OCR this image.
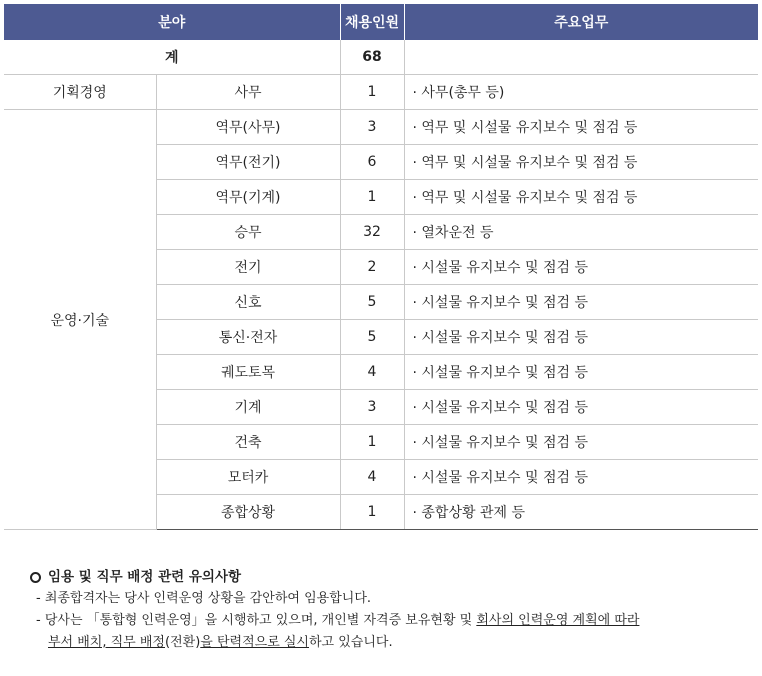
분야		채용인원	주요업무
계		68	
기획경영	사무	1	· 사무(총무 등)
운영·기술	역무(사무)	3	· 역무 및 시설물 유지보수 및 점검 등
	역무(전기)	6	· 역무 및 시설물 유지보수 및 점검 등
	역무(기계)	1	· 역무 및 시설물 유지보수 및 점검 등
	승무	32	· 열차운전 등
	전기	2	· 시설물 유지보수 및 점검 등
	신호	5	· 시설물 유지보수 및 점검 등
	통신·전자	5	· 시설물 유지보수 및 점검 등
	궤도토목	4	· 시설물 유지보수 및 점검 등
	기계	3	· 시설물 유지보수 및 점검 등
	건축	1	· 시설물 유지보수 및 점검 등
	모터카	4	· 시설물 유지보수 및 점검 등
	종합상황	1	· 종합상황 관제 등
임용 및 직무 배정 관련 유의사항
- 최종합격자는 당사 인력운영 상황을 감안하여 임용합니다.
- 당사는 「통합형 인력운영」을 시행하고 있으며, 개인별 자격증 보유현황 및 회사의 인력운영 계획에 따라
부서 배치, 직무 배정(전환)을 탄력적으로 실시하고 있습니다.
